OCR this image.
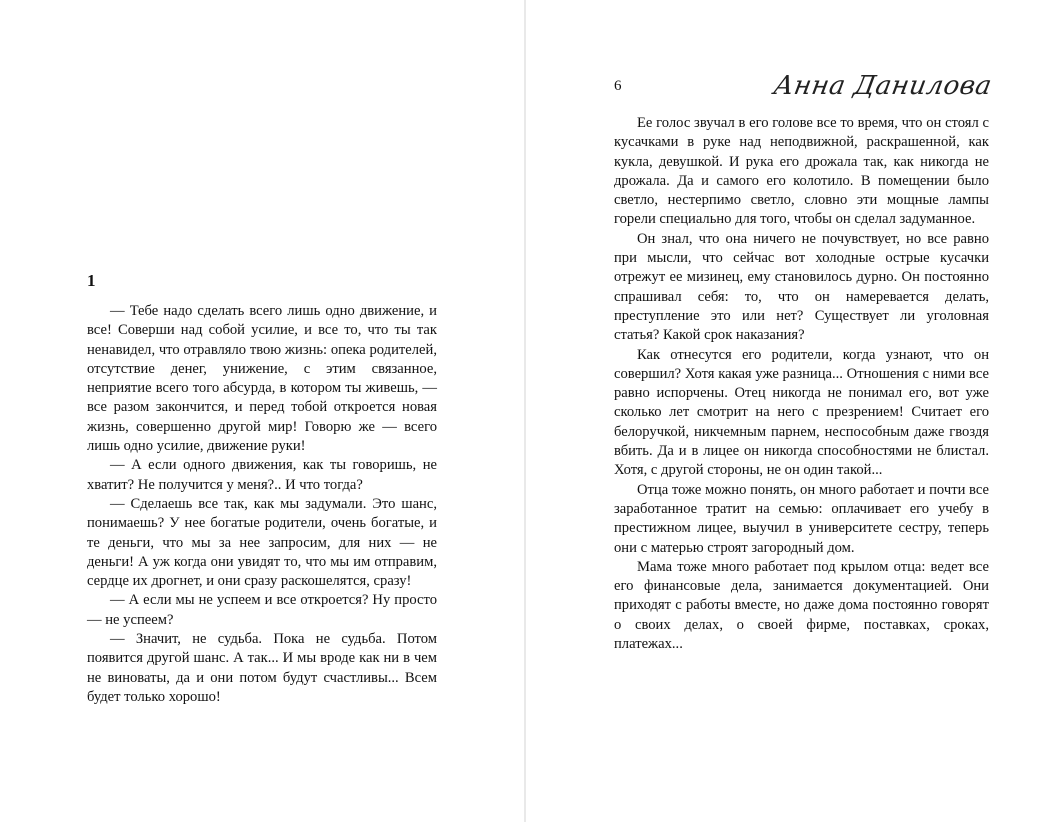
1

— Тебе надо сделать всего лишь одно движение, и все! Соверши над собой усилие, и все то, что ты так ненавидел, что отравляло твою жизнь: опека родителей, отсутствие денег, унижение, с этим связанное, неприятие всего того абсурда, в котором ты живешь, — все разом закончится, и перед тобой откроется новая жизнь, совершенно другой мир! Говорю же — всего лишь одно усилие, движение руки!

— А если одного движения, как ты говоришь, не хватит? Не получится у меня?.. И что тогда?

— Сделаешь все так, как мы задумали. Это шанс, понимаешь? У нее богатые родители, очень богатые, и те деньги, что мы за нее запросим, для них — не деньги! А уж когда они увидят то, что мы им отправим, сердце их дрогнет, и они сразу раскошелятся, сразу!

— А если мы не успеем и все откроется? Ну просто — не успеем?

— Значит, не судьба. Пока не судьба. Потом появится другой шанс. А так... И мы вроде как ни в чем не виноваты, да и они потом будут счастливы... Всем будет только хорошо!

6	Анна Данилова

Ее голос звучал в его голове все то время, что он стоял с кусачками в руке над неподвижной, раскрашенной, как кукла, девушкой. И рука его дрожала так, как никогда не дрожала. Да и самого его колотило. В помещении было светло, нестерпимо светло, словно эти мощные лампы горели специально для того, чтобы он сделал задуманное.

Он знал, что она ничего не почувствует, но все равно при мысли, что сейчас вот холодные острые кусачки отрежут ее мизинец, ему становилось дурно. Он постоянно спрашивал себя: то, что он намеревается делать, преступление это или нет? Существует ли уголовная статья? Какой срок наказания?

Как отнесутся его родители, когда узнают, что он совершил? Хотя какая уже разница... Отношения с ними все равно испорчены. Отец никогда не понимал его, вот уже сколько лет смотрит на него с презрением! Считает его белоручкой, никчемным парнем, неспособным даже гвоздя вбить. Да и в лицее он никогда способностями не блистал. Хотя, с другой стороны, не он один такой...

Отца тоже можно понять, он много работает и почти все заработанное тратит на семью: оплачивает его учебу в престижном лицее, выучил в университете сестру, теперь они с матерью строят загородный дом.

Мама тоже много работает под крылом отца: ведет все его финансовые дела, занимается документацией. Они приходят с работы вместе, но даже дома постоянно говорят о своих делах, о своей фирме, поставках, сроках, платежах...
